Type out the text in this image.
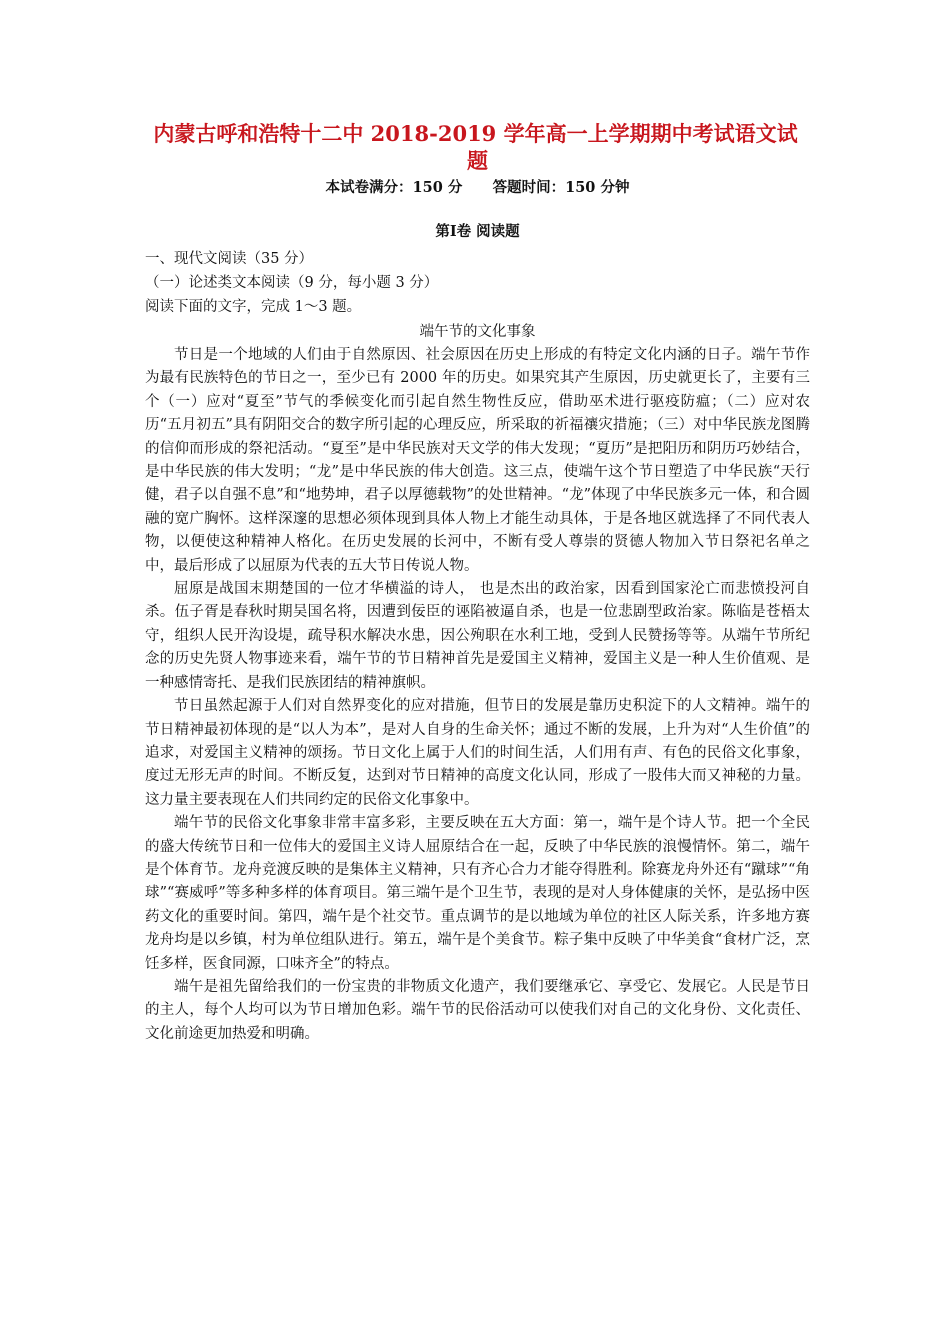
内蒙古呼和浩特十二中 2018-2019 学年高一上学期期中考试语文试
题
本试卷满分：150 分      答题时间：150 分钟
第Ⅰ卷 阅读题
一、现代文阅读（35 分）
（一）论述类文本阅读（9 分，每小题 3 分）
阅读下面的文字，完成 1～3 题。
端午节的文化事象

节日是一个地域的人们由于自然原因、社会原因在历史上形成的有特定文化内涵的日子。端午节作为最有民族特色的节日之一，至少已有 2000 年的历史。如果究其产生原因，历史就更长了，主要有三个（一）应对“夏至”节气的季候变化而引起自然生物性反应，借助巫术进行驱疫防瘟；（二）应对农历“五月初五”具有阴阳交合的数字所引起的心理反应，所采取的祈福禳灾措施；（三）对中华民族龙图腾的信仰而形成的祭祀活动。“夏至”是中华民族对天文学的伟大发现；“夏历”是把阳历和阴历巧妙结合，是中华民族的伟大发明；“龙”是中华民族的伟大创造。这三点，使端午这个节日塑造了中华民族“天行健，君子以自强不息”和“地势坤，君子以厚德载物”的处世精神。“龙”体现了中华民族多元一体，和合圆融的宽广胸怀。这样深邃的思想必须体现到具体人物上才能生动具体，于是各地区就选择了不同代表人物，以便使这种精神人格化。在历史发展的长河中，不断有受人尊崇的贤德人物加入节日祭祀名单之中，最后形成了以屈原为代表的五大节日传说人物。

屈原是战国末期楚国的一位才华横溢的诗人， 也是杰出的政治家，因看到国家沦亡而悲愤投河自杀。伍子胥是春秋时期吴国名将，因遭到佞臣的诬陷被逼自杀，也是一位悲剧型政治家。陈临是苍梧太守，组织人民开沟设堤，疏导积水解决水患，因公殉职在水利工地，受到人民赞扬等等。从端午节所纪念的历史先贤人物事迹来看，端午节的节日精神首先是爱国主义精神，爱国主义是一种人生价值观、是一种感情寄托、是我们民族团结的精神旗帜。

节日虽然起源于人们对自然界变化的应对措施，但节日的发展是靠历史积淀下的人文精神。端午的节日精神最初体现的是“以人为本”，是对人自身的生命关怀；通过不断的发展，上升为对“人生价值”的追求，对爱国主义精神的颂扬。节日文化上属于人们的时间生活，人们用有声、有色的民俗文化事象，度过无形无声的时间。不断反复，达到对节日精神的高度文化认同，形成了一股伟大而又神秘的力量。这力量主要表现在人们共同约定的民俗文化事象中。

端午节的民俗文化事象非常丰富多彩，主要反映在五大方面：第一，端午是个诗人节。把一个全民的盛大传统节日和一位伟大的爱国主义诗人屈原结合在一起，反映了中华民族的浪慢情怀。第二，端午是个体育节。龙舟竞渡反映的是集体主义精神，只有齐心合力才能夺得胜利。除赛龙舟外还有“蹴球”“角球”“赛威呼”等多种多样的体育项目。第三端午是个卫生节，表现的是对人身体健康的关怀，是弘扬中医药文化的重要时间。第四，端午是个社交节。重点调节的是以地域为单位的社区人际关系，许多地方赛龙舟均是以乡镇，村为单位组队进行。第五，端午是个美食节。粽子集中反映了中华美食“食材广泛，烹饪多样，医食同源，口味齐全”的特点。

端午是祖先留给我们的一份宝贵的非物质文化遗产，我们要继承它、享受它、发展它。人民是节日的主人，每个人均可以为节日增加色彩。端午节的民俗活动可以使我们对自己的文化身份、文化责任、文化前途更加热爱和明确。
